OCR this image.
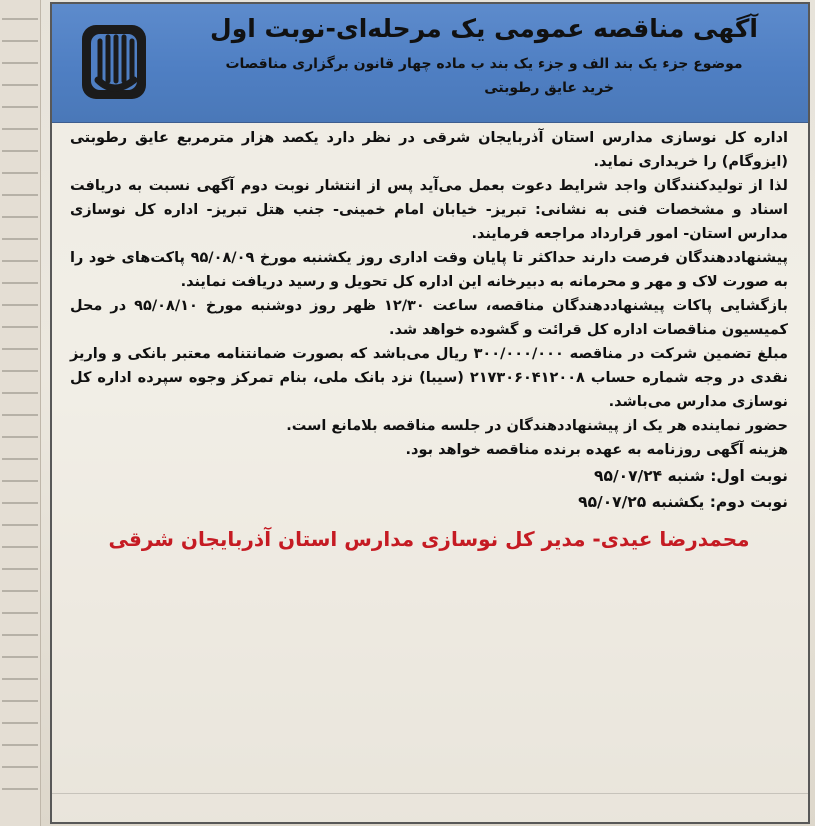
آگهی مناقصه عمومی یک مرحله‌ای-نوبت اول

موضوع جزء یک بند الف و جزء یک بند ب ماده چهار قانون برگزاری مناقصات

خرید عایق رطوبتی

اداره کل نوسازی مدارس استان آذربایجان شرقی در نظر دارد یکصد هزار مترمربع عایق رطوبتی (ایزوگام) را خریداری نماید.

لذا از تولیدکنندگان واجد شرایط دعوت بعمل می‌آید پس از انتشار نوبت دوم آگهی نسبت به دریافت اسناد و مشخصات فنی به نشانی: تبریز- خیابان امام خمینی- جنب هتل تبریز- اداره کل نوسازی مدارس استان- امور قرارداد مراجعه فرمایند.

پیشنهاددهندگان فرصت دارند حداکثر تا پایان وقت اداری روز یکشنبه مورخ ۹۵/۰۸/۰۹ پاکت‌های خود را به صورت لاک و مهر و محرمانه به دبیرخانه این اداره کل تحویل و رسید دریافت نمایند.

بازگشایی پاکات پیشنهاددهندگان مناقصه، ساعت ۱۲/۳۰ ظهر روز دوشنبه مورخ ۹۵/۰۸/۱۰ در محل کمیسیون مناقصات اداره کل قرائت و گشوده خواهد شد.

مبلغ تضمین شرکت در مناقصه ۳۰۰/۰۰۰/۰۰۰ ریال می‌باشد که بصورت ضمانتنامه معتبر بانکی و واریز نقدی در وجه شماره حساب ۲۱۷۳۰۶۰۴۱۲۰۰۸ (سیبا) نزد بانک ملی، بنام تمرکز وجوه سپرده اداره کل نوسازی مدارس می‌باشد.

حضور نماینده هر یک از پیشنهاددهندگان در جلسه مناقصه بلامانع است.

هزینه آگهی روزنامه به عهده برنده مناقصه خواهد بود.

نوبت اول: شنبه ۹۵/۰۷/۲۴

نوبت دوم: یکشنبه ۹۵/۰۷/۲۵

محمدرضا عیدی- مدیر کل نوسازی مدارس استان آذربایجان شرقی
